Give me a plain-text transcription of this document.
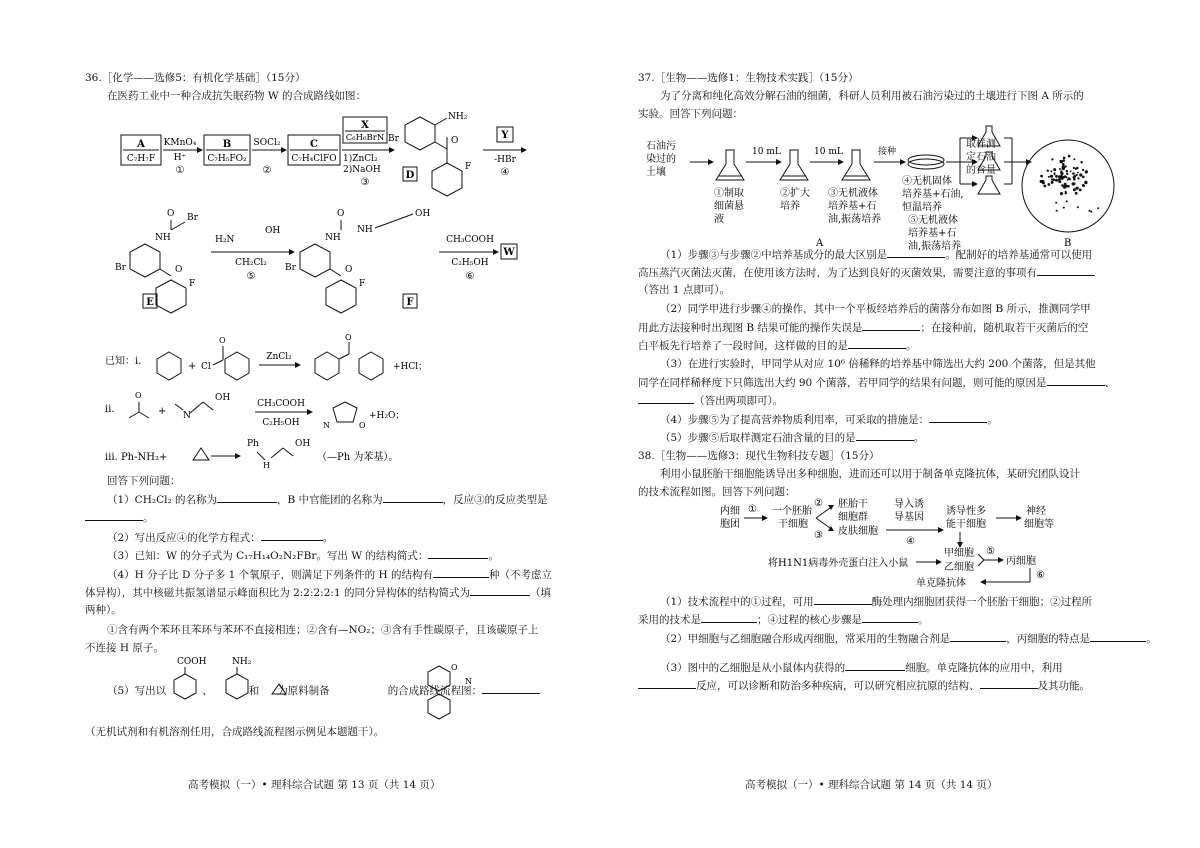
36.［化学——选修5：有机化学基础］（15分）
在医药工业中一种合成抗失眠药物 W 的合成路线如图：
A
C₇H₇F
KMnO₄
H⁺
①
B
C₇H₅FO₂
SOCl₂
②
C
C₇H₄ClFO
X
C₆H₆BrN
1)ZnCl₂
2)NaOH
③
NH₂
Br	O
F
D
Y
-HBr
④
O Br
NH
Br	O
F
E
H₂N
OH
CH₂Cl₂
⑤
O
NH
OH
NH
Br	O
F
F
CH₃COOH
C₂H₅OH
⑥
W
已知：ⅰ.	+ Cl
O
ZnCl₂
O
+HCl；
ⅱ.
O
+ N
OH
CH₃COOH
C₂H₅OH	N	O
+H₂O；
ⅲ. Ph-NH₂+
Ph
H
OH
（—Ph 为苯基）。
回答下列问题：
（1）CH₂Cl₂ 的名称为	，B 中官能团的名称为	，反应③的反应类型是
。
（2）写出反应④的化学方程式：	。
（3）已知：W 的分子式为 C₁₇H₁₄O₂N₂FBr。写出 W 的结构简式：	。
（4）H 分子比 D 分子多 1 个氧原子，则满足下列条件的 H 的结构有	种（不考虑立
体异构），其中核磁共振氢谱显示峰面积比为 2:2:2:2:1 的同分异构体的结构简式为	（填
两种）。
①含有两个苯环且苯环与苯环不直接相连；②含有—NO₂；③含有手性碳原子，且该碳原子上
不连接 H 原子。
（5）写出以	、	和 为原料制备	的合成路线流程图：
COOH	NH₂
O
N
（无机试剂和有机溶剂任用，合成路线流程图示例见本题题干）。
高考模拟（一）• 理科综合试题 第 13 页（共 14 页）
37.［生物——选修1：生物技术实践］（15分）
为了分离和纯化高效分解石油的细菌，科研人员利用被石油污染过的土壤进行下图 A 所示的
实验。回答下列问题：
石油污
染过的
土壤
①制取
细菌悬
液
10 mL
②扩大
培养
10 mL
③无机液体
培养基+石
油,振荡培养
接种
④无机固体
培养基+石油,
恒温培养
⑤无机液体
培养基+石
油,振荡培养
A
取样测
定石油
的含量
B
（1）步骤③与步骤②中培养基成分的最大区别是	。配制好的培养基通常可以使用
高压蒸汽灭菌法灭菌，在使用该方法时，为了达到良好的灭菌效果，需要注意的事项有
（答出 1 点即可）。
（2）同学甲进行步骤④的操作，其中一个平板经培养后的菌落分布如图 B 所示，推测同学甲
用此方法接种时出现图 B 结果可能的操作失误是	；在接种前，随机取若干灭菌后的空
白平板先行培养了一段时间，这样做的目的是	。
（3）在进行实验时，甲同学从对应 10⁶ 倍稀释的培养基中筛选出大约 200 个菌落，但是其他
同学在同样稀释度下只筛选出大约 90 个菌落，若甲同学的结果有问题，则可能的原因是	、
（答出两项即可）。
（4）步骤⑤为了提高营养物质利用率，可采取的措施是：	。
（5）步骤⑤后取样测定石油含量的目的是	。
38.［生物——选修3：现代生物科技专题］（15分）
利用小鼠胚胎干细胞能诱导出多种细胞，进而还可以用于制备单克隆抗体，某研究团队设计
的技术流程如图。回答下列问题：
内细
胞团
① 一个胚胎
干细胞
②
③
胚胎干
细胞群
皮肤细胞
导入诱
导基因
④
诱导性多
能干细胞
神经
细胞等
甲细胞 ⑤
丙细胞
乙细胞
将H1N1病毒外壳蛋白注入小鼠
⑥
单克隆抗体
（1）技术流程中的①过程，可用	酶处理内细胞团获得一个胚胎干细胞；②过程所
采用的技术是	；④过程的核心步骤是	。
（2）甲细胞与乙细胞融合形成丙细胞，常采用的生物融合剂是	，丙细胞的特点是	。
（3）图中的乙细胞是从小鼠体内获得的	细胞。单克隆抗体的应用中，利用
反应，可以诊断和防治多种疾病，可以研究相应抗原的结构、	及其功能。
高考模拟（一）• 理科综合试题 第 14 页（共 14 页）
